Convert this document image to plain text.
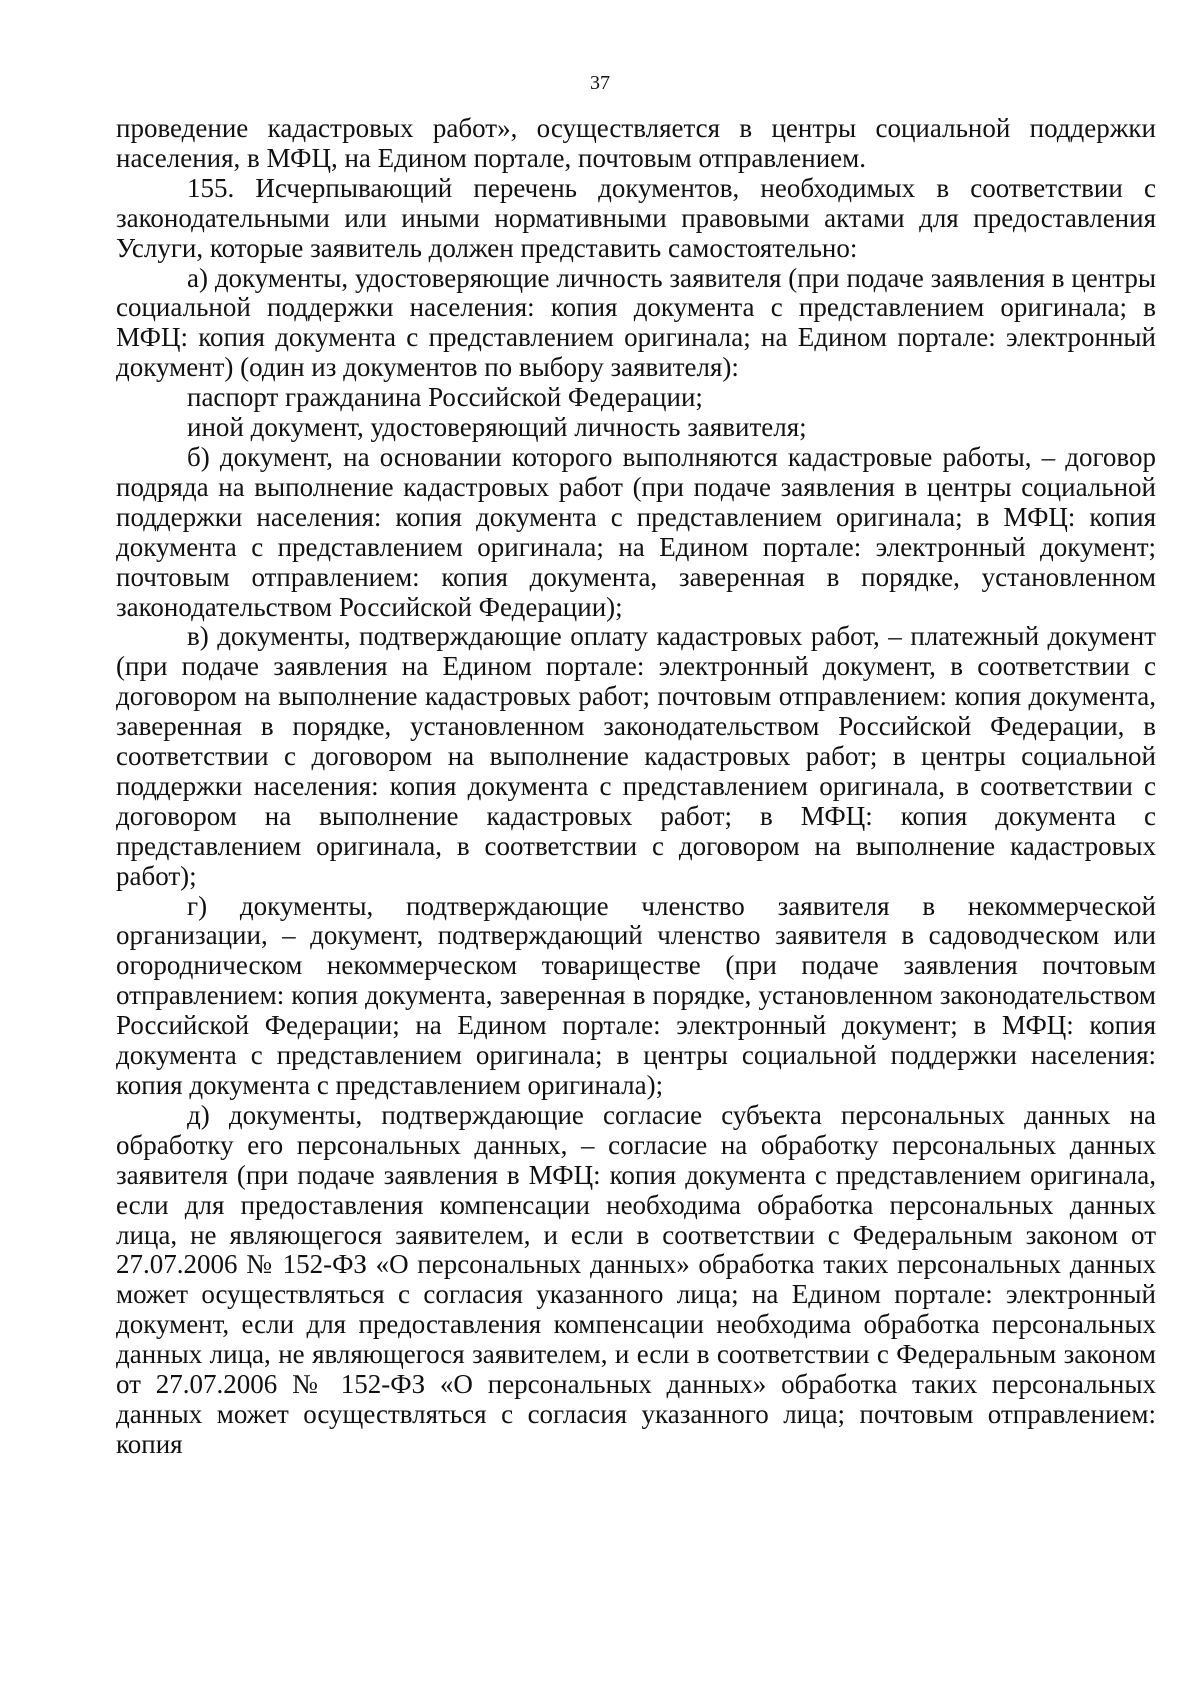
37

проведение кадастровых работ», осуществляется в центры социальной поддержки населения, в МФЦ, на Едином портале, почтовым отправлением.

155. Исчерпывающий перечень документов, необходимых в соответствии с законодательными или иными нормативными правовыми актами для предоставления Услуги, которые заявитель должен представить самостоятельно:

а) документы, удостоверяющие личность заявителя (при подаче заявления в центры социальной поддержки населения: копия документа с представлением оригинала; в МФЦ: копия документа с представлением оригинала; на Едином портале: электронный документ) (один из документов по выбору заявителя):

паспорт гражданина Российской Федерации;

иной документ, удостоверяющий личность заявителя;

б) документ, на основании которого выполняются кадастровые работы, – договор подряда на выполнение кадастровых работ (при подаче заявления в центры социальной поддержки населения: копия документа с представлением оригинала; в МФЦ: копия документа с представлением оригинала; на Едином портале: электронный документ; почтовым отправлением: копия документа, заверенная в порядке, установленном законодательством Российской Федерации);

в) документы, подтверждающие оплату кадастровых работ, – платежный документ (при подаче заявления на Едином портале: электронный документ, в соответствии с договором на выполнение кадастровых работ; почтовым отправлением: копия документа, заверенная в порядке, установленном законодательством Российской Федерации, в соответствии с договором на выполнение кадастровых работ; в центры социальной поддержки населения: копия документа с представлением оригинала, в соответствии с договором на выполнение кадастровых работ; в МФЦ: копия документа с представлением оригинала, в соответствии с договором на выполнение кадастровых работ);

г) документы, подтверждающие членство заявителя в некоммерческой организации, – документ, подтверждающий членство заявителя в садоводческом или огородническом некоммерческом товариществе (при подаче заявления почтовым отправлением: копия документа, заверенная в порядке, установленном законодательством Российской Федерации; на Едином портале: электронный документ; в МФЦ: копия документа с представлением оригинала; в центры социальной поддержки населения: копия документа с представлением оригинала);

д) документы, подтверждающие согласие субъекта персональных данных на обработку его персональных данных, – согласие на обработку персональных данных заявителя (при подаче заявления в МФЦ: копия документа с представлением оригинала, если для предоставления компенсации необходима обработка персональных данных лица, не являющегося заявителем, и если в соответствии с Федеральным законом от 27.07.2006 № 152-ФЗ «О персональных данных» обработка таких персональных данных может осуществляться с согласия указанного лица; на Едином портале: электронный документ, если для предоставления компенсации необходима обработка персональных данных лица, не являющегося заявителем, и если в соответствии с Федеральным законом от 27.07.2006 № 152-ФЗ «О персональных данных» обработка таких персональных данных может осуществляться с согласия указанного лица; почтовым отправлением: копия
